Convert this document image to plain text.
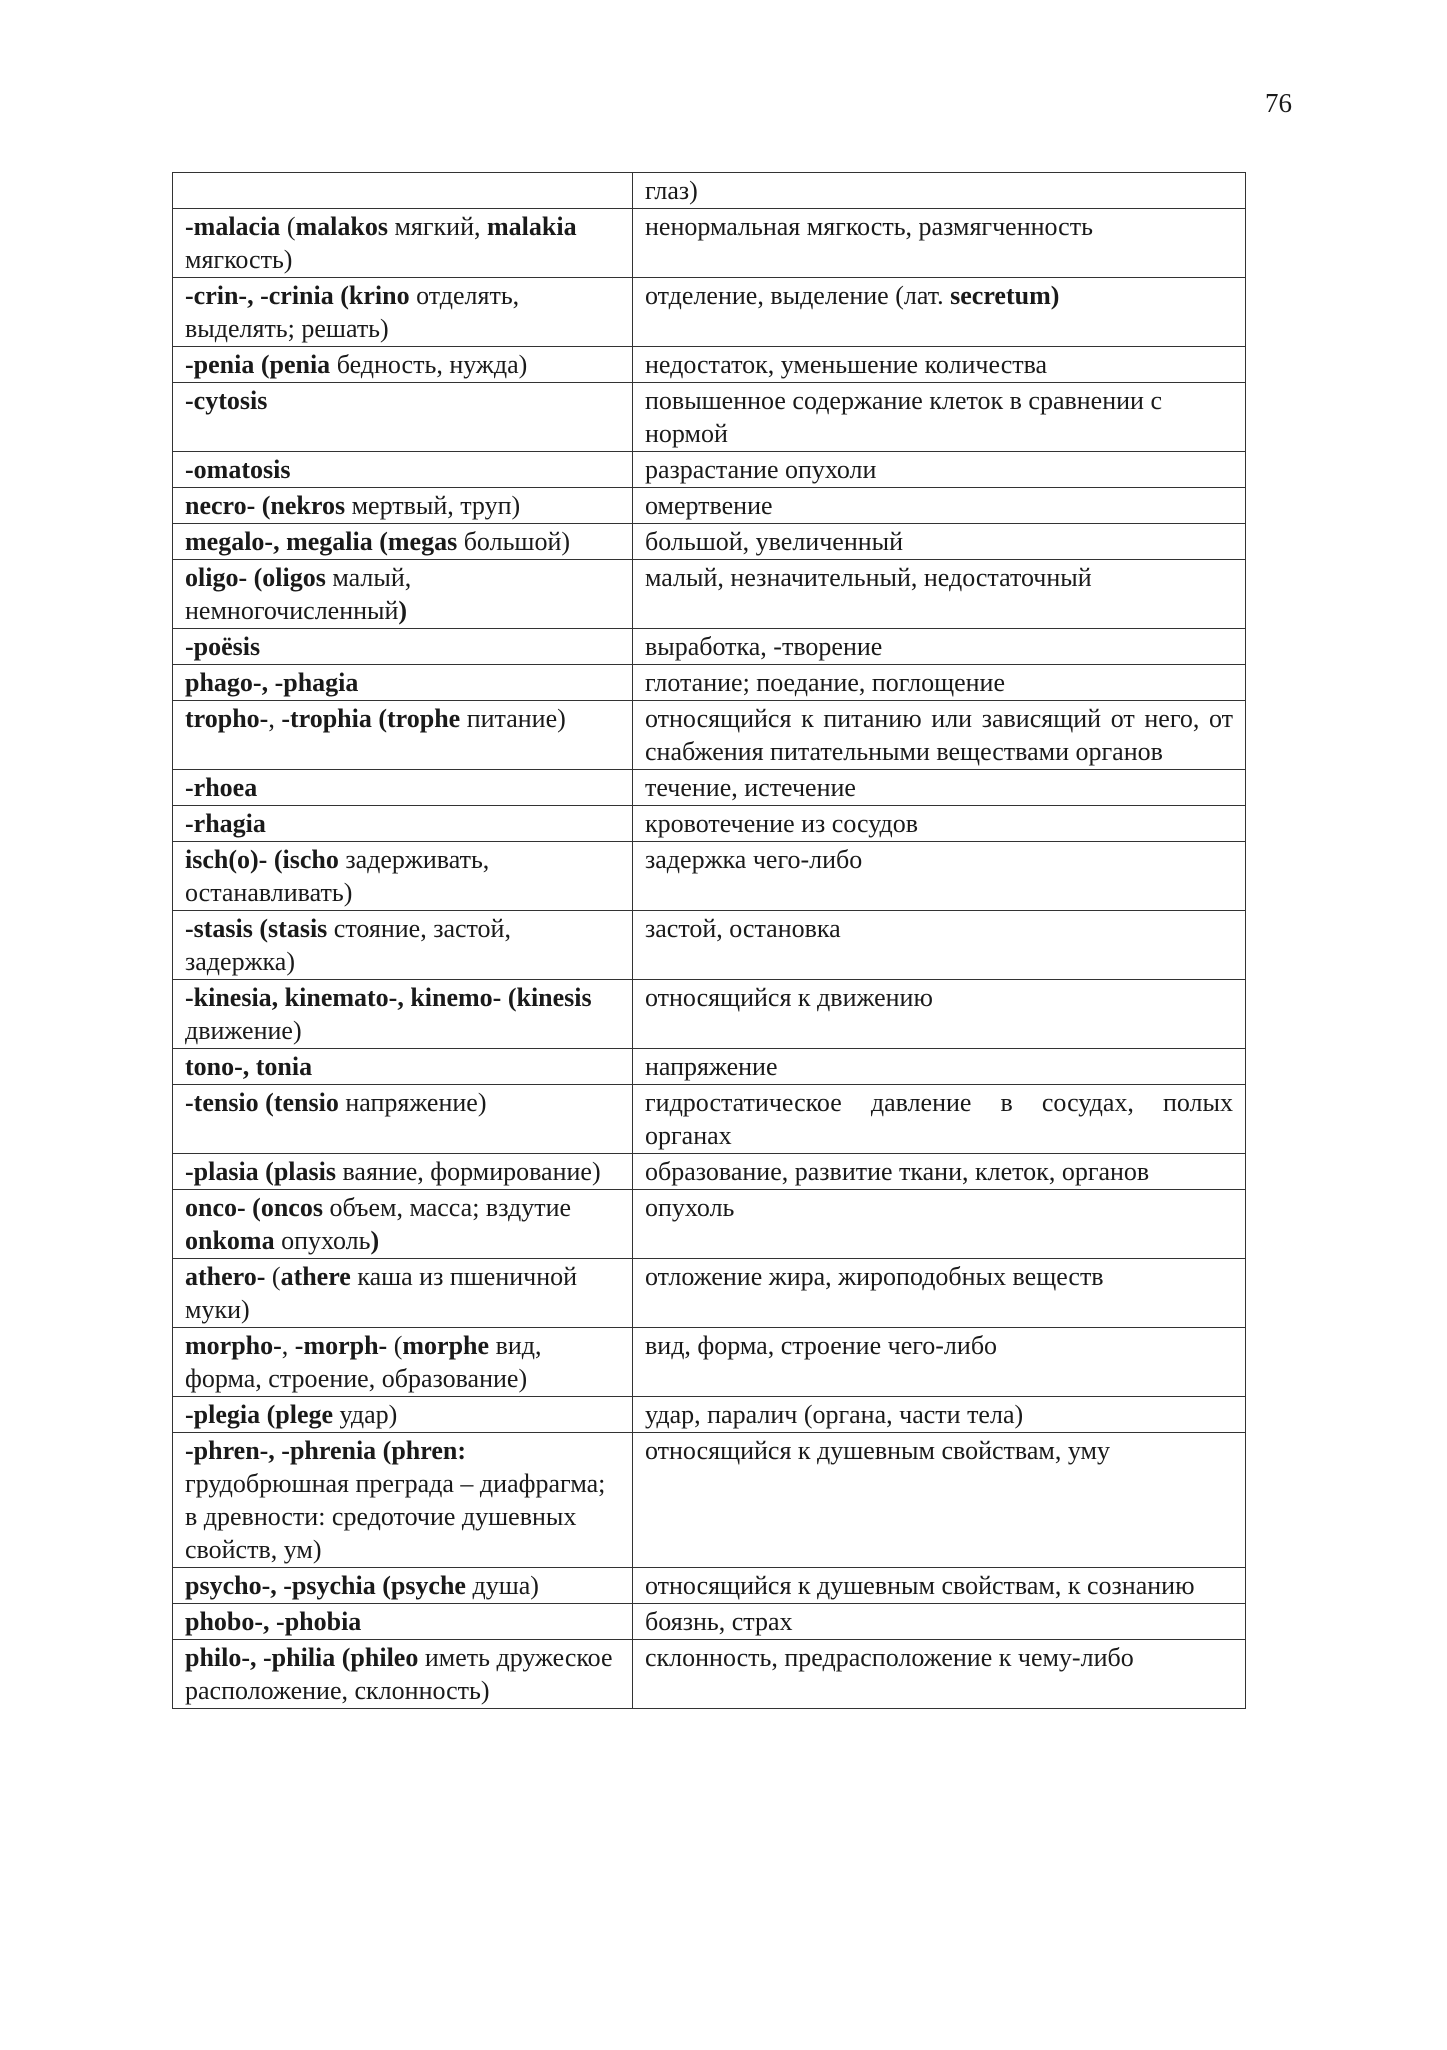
76
	глаз)
-malacia (malakos мягкий, malakia мягкость)	ненормальная мягкость, размягченность
-crin-, -crinia (krino отделять, выделять; решать)	отделение, выделение (лат. secretum)
-penia (penia бедность, нужда)	недостаток, уменьшение количества
-cytosis	повышенное содержание клеток в сравнении с нормой
-omatosis	разрастание опухоли
necro- (nekros мертвый, труп)	омертвение
megalo-, megalia (megas большой)	большой, увеличенный
oligo- (oligos малый, немногочисленный)	малый, незначительный, недостаточный
-poësis	выработка, -творение
phago-, -phagia	глотание; поедание, поглощение
tropho-, -trophia (trophe питание)	относящийся к питанию или зависящий от него, от снабжения питательными веществами органов
-rhoea	течение, истечение
-rhagia	кровотечение из сосудов
isch(o)- (ischo задерживать, останавливать)	задержка чего-либо
-stasis (stasis стояние, застой, задержка)	застой, остановка
-kinesia, kinemato-, kinemo- (kinesis движение)	относящийся к движению
tono-, tonia	напряжение
-tensio (tensio напряжение)	гидростатическое давление в сосудах, полых органах
-plasia (plasis ваяние, формирование)	образование, развитие ткани, клеток, органов
onco- (oncos объем, масса; вздутие onkoma опухоль)	опухоль
athero- (athere каша из пшеничной муки)	отложение жира, жироподобных веществ
morpho-, -morph- (morphe вид, форма, строение, образование)	вид, форма, строение чего-либо
-plegia (plege удар)	удар, паралич (органа, части тела)
-phren-, -phrenia (phren: грудобрюшная преграда – диафрагма; в древности: средоточие душевных свойств, ум)	относящийся к душевным свойствам, уму
psycho-, -psychia (psyche душа)	относящийся к душевным свойствам, к сознанию
phobo-, -phobia	боязнь, страх
philo-, -philia (phileo иметь дружеское расположение, склонность)	склонность, предрасположение к чему-либо
